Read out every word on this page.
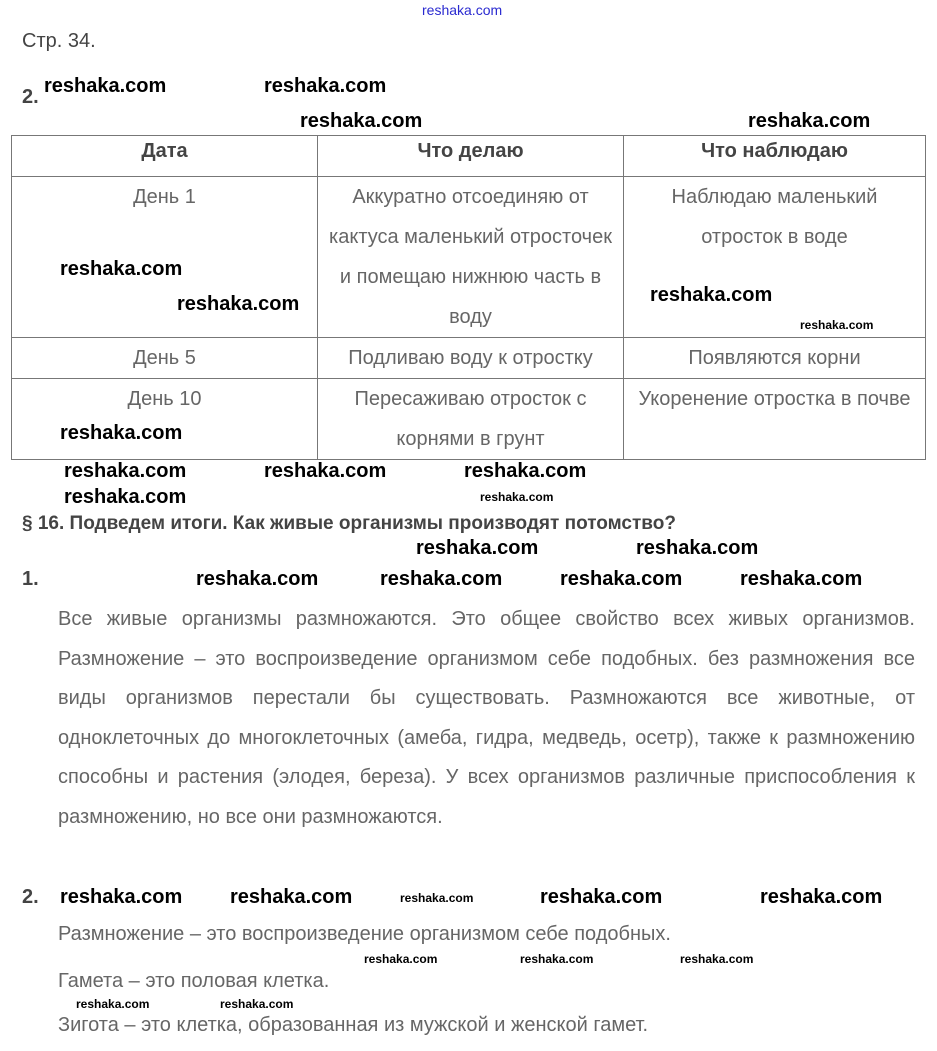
reshaka.com
Стр. 34.
2.
Дата	Что делаю	Что наблюдаю
День 1	Аккуратно отсоединяю от кактуса маленький отросточек и помещаю нижнюю часть в воду	Наблюдаю маленький отросток в воде
День 5	Подливаю воду к отростку	Появляются корни
День 10	Пересаживаю отросток с корнями в грунт	Укоренение отростка в почве
§ 16. Подведем итоги. Как живые организмы производят потомство?
1.
Все живые организмы размножаются. Это общее свойство всех живых организмов. Размножение – это воспроизведение организмом себе подобных. без размножения все виды организмов перестали бы существовать. Размножаются все животные, от одноклеточных до многоклеточных (амеба, гидра, медведь, осетр), также к размножению способны и растения (элодея, береза). У всех организмов различные приспособления к размножению, но все они размножаются.
2.
Размножение – это воспроизведение организмом себе подобных.
Гамета – это половая клетка.
Зигота – это клетка, образованная из мужской и женской гамет.
reshaka.com	reshaka.com
reshaka.com
reshaka.com
reshaka.com
reshaka.com	reshaka.com
reshaka.com
reshaka.com	reshaka.com
reshaka.com
reshaka.com	reshaka.com
reshaka.com	reshaka.com	reshaka.com
reshaka.com
reshaka.com
reshaka.com
reshaka.com	reshaka.com	reshaka.com
reshaka.com
reshaka.com
reshaka.com	reshaka.com
reshaka.com
reshaka.com
reshaka.com	reshaka.com
